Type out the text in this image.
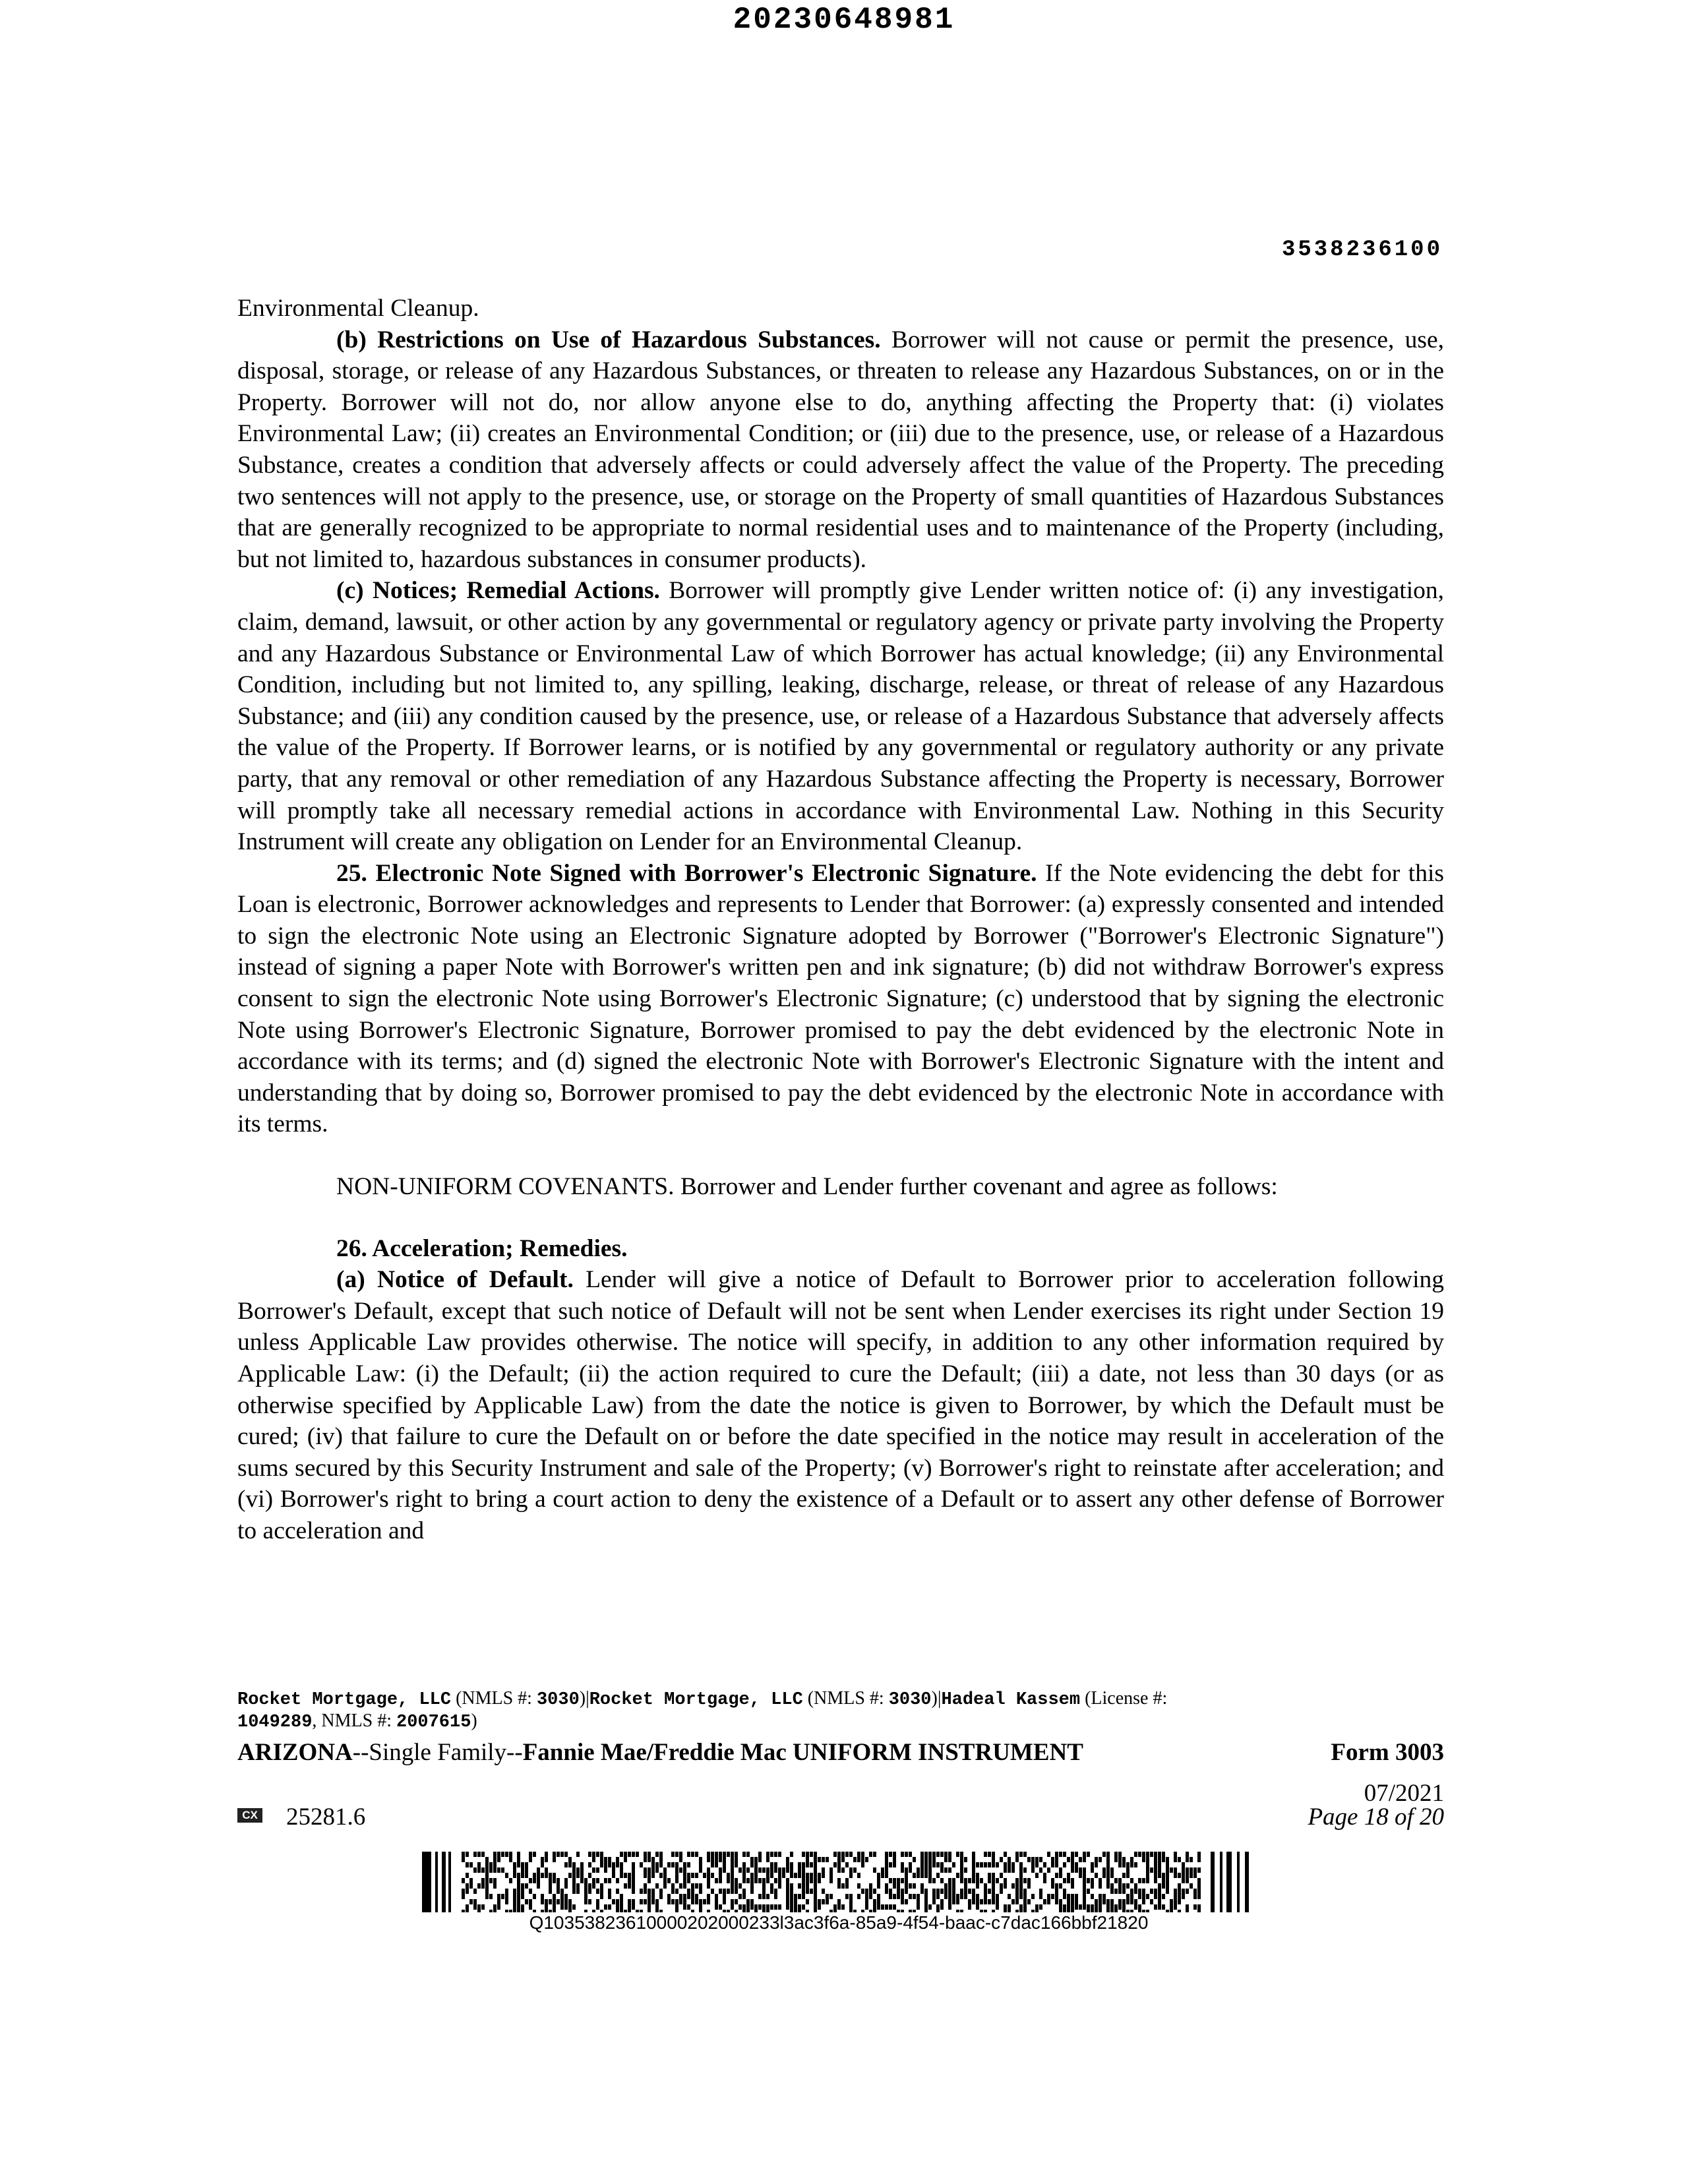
20230648981
3538236100

Environmental Cleanup.

(b) Restrictions on Use of Hazardous Substances. Borrower will not cause or permit the presence, use, disposal, storage, or release of any Hazardous Substances, or threaten to release any Hazardous Substances, on or in the Property. Borrower will not do, nor allow anyone else to do, anything affecting the Property that: (i) violates Environmental Law; (ii) creates an Environmental Condition; or (iii) due to the presence, use, or release of a Hazardous Substance, creates a condition that adversely affects or could adversely affect the value of the Property. The preceding two sentences will not apply to the presence, use, or storage on the Property of small quantities of Hazardous Substances that are generally recognized to be appropriate to normal residential uses and to maintenance of the Property (including, but not limited to, hazardous substances in consumer products).

(c) Notices; Remedial Actions. Borrower will promptly give Lender written notice of: (i) any investigation, claim, demand, lawsuit, or other action by any governmental or regulatory agency or private party involving the Property and any Hazardous Substance or Environmental Law of which Borrower has actual knowledge; (ii) any Environmental Condition, including but not limited to, any spilling, leaking, discharge, release, or threat of release of any Hazardous Substance; and (iii) any condition caused by the presence, use, or release of a Hazardous Substance that adversely affects the value of the Property. If Borrower learns, or is notified by any governmental or regulatory authority or any private party, that any removal or other remediation of any Hazardous Substance affecting the Property is necessary, Borrower will promptly take all necessary remedial actions in accordance with Environmental Law. Nothing in this Security Instrument will create any obligation on Lender for an Environmental Cleanup.

25. Electronic Note Signed with Borrower's Electronic Signature. If the Note evidencing the debt for this Loan is electronic, Borrower acknowledges and represents to Lender that Borrower: (a) expressly consented and intended to sign the electronic Note using an Electronic Signature adopted by Borrower ("Borrower's Electronic Signature") instead of signing a paper Note with Borrower's written pen and ink signature; (b) did not withdraw Borrower's express consent to sign the electronic Note using Borrower's Electronic Signature; (c) understood that by signing the electronic Note using Borrower's Electronic Signature, Borrower promised to pay the debt evidenced by the electronic Note in accordance with its terms; and (d) signed the electronic Note with Borrower's Electronic Signature with the intent and understanding that by doing so, Borrower promised to pay the debt evidenced by the electronic Note in accordance with its terms.

NON-UNIFORM COVENANTS. Borrower and Lender further covenant and agree as follows:

26. Acceleration; Remedies.

(a) Notice of Default. Lender will give a notice of Default to Borrower prior to acceleration following Borrower's Default, except that such notice of Default will not be sent when Lender exercises its right under Section 19 unless Applicable Law provides otherwise. The notice will specify, in addition to any other information required by Applicable Law: (i) the Default; (ii) the action required to cure the Default; (iii) a date, not less than 30 days (or as otherwise specified by Applicable Law) from the date the notice is given to Borrower, by which the Default must be cured; (iv) that failure to cure the Default on or before the date specified in the notice may result in acceleration of the sums secured by this Security Instrument and sale of the Property; (v) Borrower's right to reinstate after acceleration; and (vi) Borrower's right to bring a court action to deny the existence of a Default or to assert any other defense of Borrower to acceleration and

Rocket Mortgage, LLC (NMLS #: 3030)|Rocket Mortgage, LLC (NMLS #: 3030)|Hadeal Kassem (License #:
1049289, NMLS #: 2007615)
ARIZONA--Single Family--Fannie Mae/Freddie Mac UNIFORM INSTRUMENT	Form 3003
07/2021
CX 25281.6	Page 18 of 20
Q10353823610000202000233l3ac3f6a-85a9-4f54-baac-c7dac166bbf21820
